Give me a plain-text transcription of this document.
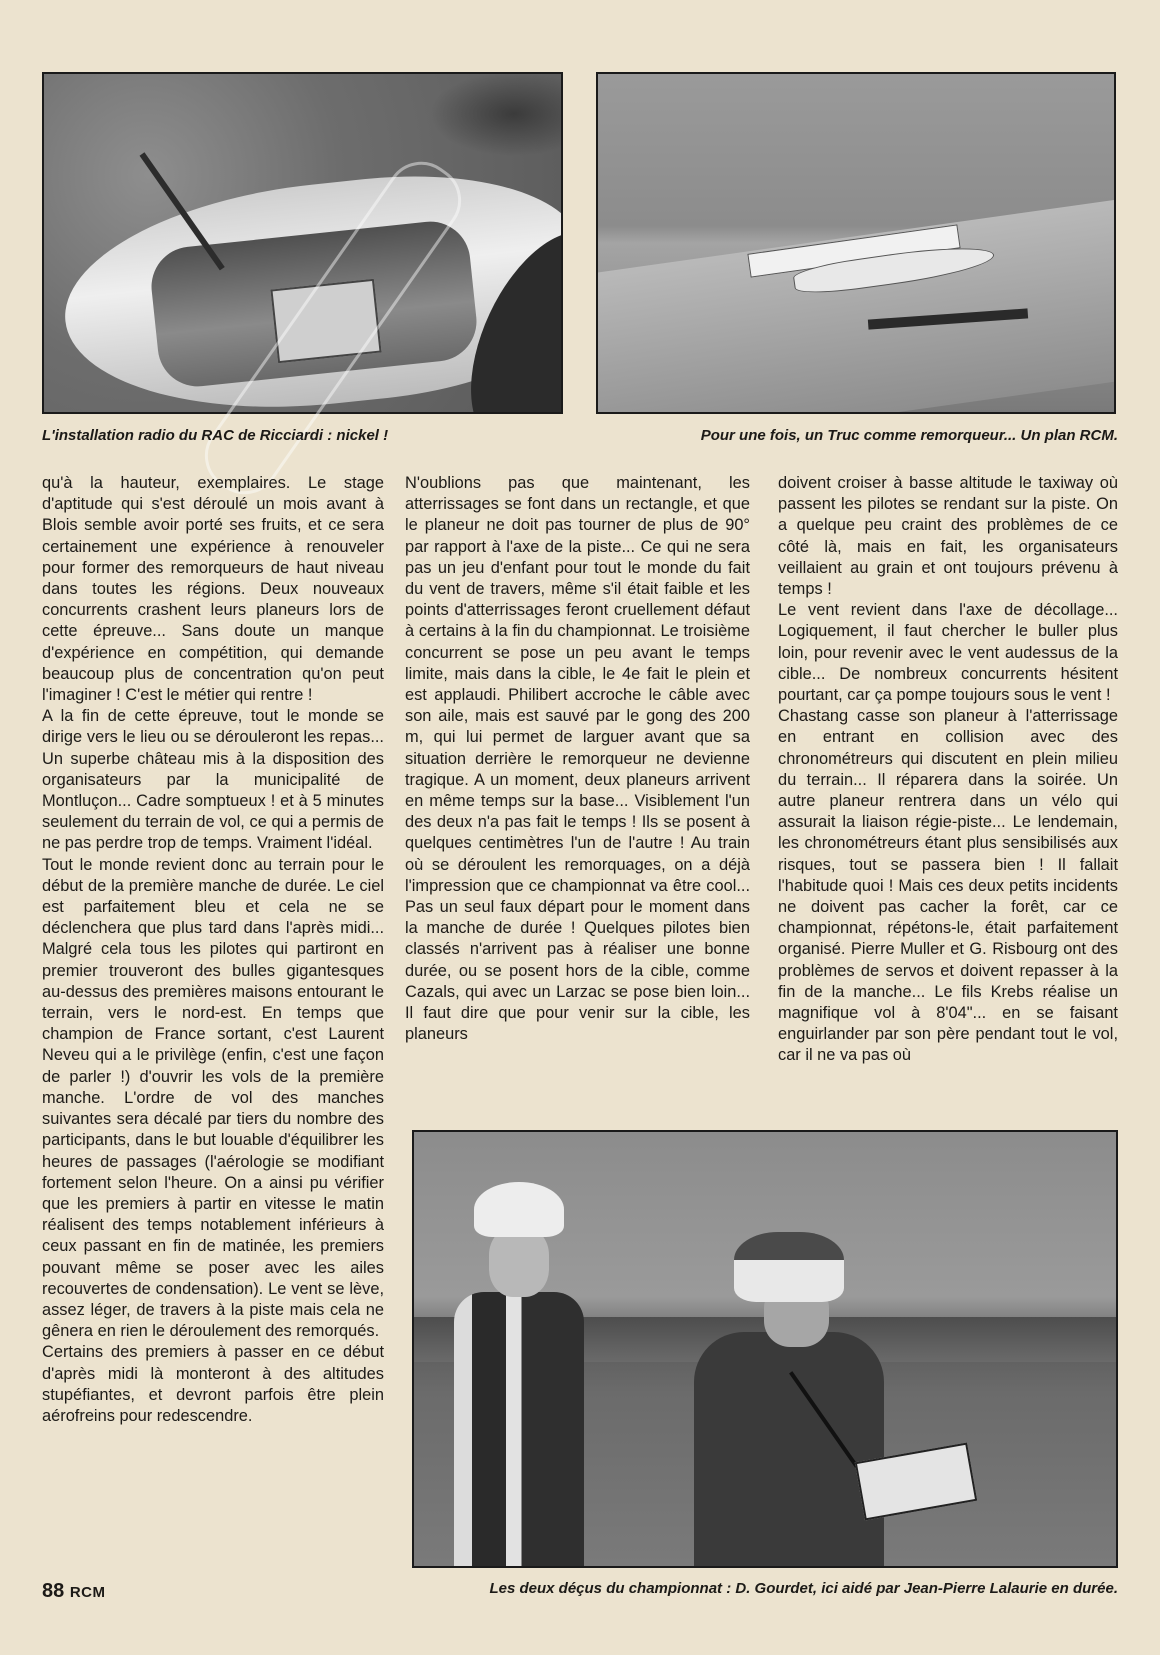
L'installation radio du RAC de Ricciardi : nickel !	Pour une fois, un Truc comme remorqueur... Un plan RCM.

qu'à la hauteur, exemplaires. Le stage d'aptitude qui s'est déroulé un mois avant à Blois semble avoir porté ses fruits, et ce sera certainement une expérience à renouveler pour former des remorqueurs de haut niveau dans toutes les régions. Deux nouveaux concurrents crashent leurs planeurs lors de cette épreuve... Sans doute un manque d'expérience en compétition, qui demande beaucoup plus de concentration qu'on peut l'imaginer ! C'est le métier qui rentre !

A la fin de cette épreuve, tout le monde se dirige vers le lieu ou se dérouleront les repas... Un superbe château mis à la disposition des organisateurs par la municipalité de Montluçon... Cadre somptueux ! et à 5 minutes seulement du terrain de vol, ce qui a permis de ne pas perdre trop de temps. Vraiment l'idéal.

Tout le monde revient donc au terrain pour le début de la première manche de durée. Le ciel est parfaitement bleu et cela ne se déclenchera que plus tard dans l'après midi... Malgré cela tous les pilotes qui partiront en premier trouveront des bulles gigantesques au-dessus des premières maisons entourant le terrain, vers le nord-est. En temps que champion de France sortant, c'est Laurent Neveu qui a le privilège (enfin, c'est une façon de parler !) d'ouvrir les vols de la première manche. L'ordre de vol des manches suivantes sera décalé par tiers du nombre des participants, dans le but louable d'équilibrer les heures de passages (l'aérologie se modifiant fortement selon l'heure. On a ainsi pu vérifier que les premiers à partir en vitesse le matin réalisent des temps notablement inférieurs à ceux passant en fin de matinée, les premiers pouvant même se poser avec les ailes recouvertes de condensation). Le vent se lève, assez léger, de travers à la piste mais cela ne gênera en rien le déroulement des remorqués.

Certains des premiers à passer en ce début d'après midi là monteront à des altitudes stupéfiantes, et devront parfois être plein aérofreins pour redescendre.

N'oublions pas que maintenant, les atterrissages se font dans un rectangle, et que le planeur ne doit pas tourner de plus de 90° par rapport à l'axe de la piste... Ce qui ne sera pas un jeu d'enfant pour tout le monde du fait du vent de travers, même s'il était faible et les points d'atterrissages feront cruellement défaut à certains à la fin du championnat. Le troisième concurrent se pose un peu avant le temps limite, mais dans la cible, le 4e fait le plein et est applaudi. Philibert accroche le câble avec son aile, mais est sauvé par le gong des 200 m, qui lui permet de larguer avant que sa situation derrière le remorqueur ne devienne tragique. A un moment, deux planeurs arrivent en même temps sur la base... Visiblement l'un des deux n'a pas fait le temps ! Ils se posent à quelques centimètres l'un de l'autre ! Au train où se déroulent les remorquages, on a déjà l'impression que ce championnat va être cool... Pas un seul faux départ pour le moment dans la manche de durée ! Quelques pilotes bien classés n'arrivent pas à réaliser une bonne durée, ou se posent hors de la cible, comme Cazals, qui avec un Larzac se pose bien loin... Il faut dire que pour venir sur la cible, les planeurs

doivent croiser à basse altitude le taxiway où passent les pilotes se rendant sur la piste. On a quelque peu craint des problèmes de ce côté là, mais en fait, les organisateurs veillaient au grain et ont toujours prévenu à temps !

Le vent revient dans l'axe de décollage... Logiquement, il faut chercher le buller plus loin, pour revenir avec le vent audessus de la cible... De nombreux concurrents hésitent pourtant, car ça pompe toujours sous le vent !

Chastang casse son planeur à l'atterrissage en entrant en collision avec des chronométreurs qui discutent en plein milieu du terrain... Il réparera dans la soirée. Un autre planeur rentrera dans un vélo qui assurait la liaison régie-piste... Le lendemain, les chronométreurs étant plus sensibilisés aux risques, tout se passera bien ! Il fallait l'habitude quoi ! Mais ces deux petits incidents ne doivent pas cacher la forêt, car ce championnat, répétons-le, était parfaitement organisé. Pierre Muller et G. Risbourg ont des problèmes de servos et doivent repasser à la fin de la manche... Le fils Krebs réalise un magnifique vol à 8'04"... en se faisant enguirlander par son père pendant tout le vol, car il ne va pas où

88 RCM	Les deux déçus du championnat : D. Gourdet, ici aidé par Jean-Pierre Lalaurie en durée.
